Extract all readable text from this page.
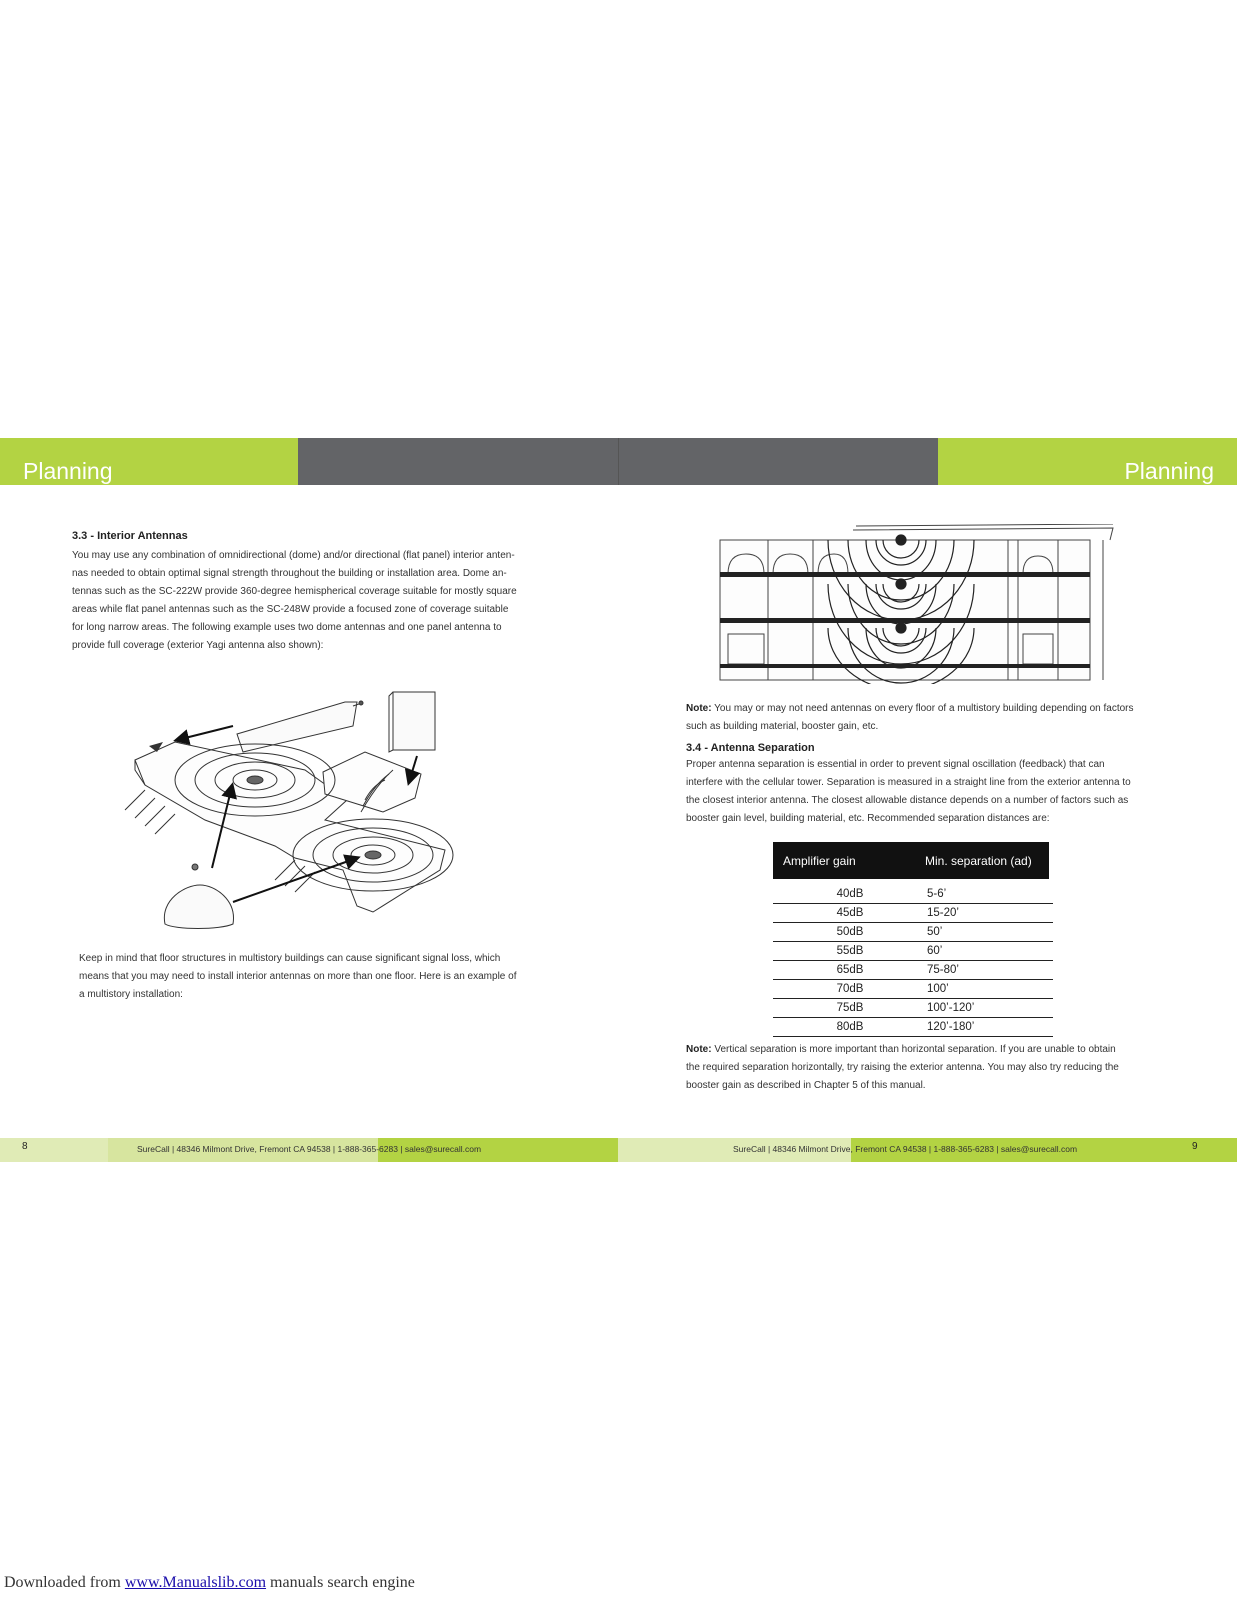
Planning	Planning
3.3 - Interior Antennas
You may use any combination of omnidirectional (dome) and/or directional (flat panel) interior anten-
nas needed to obtain optimal signal strength throughout the building or installation area. Dome an-
tennas such as the SC-222W provide 360-degree hemispherical coverage suitable for mostly square
areas while flat panel antennas such as the SC-248W provide a focused zone of coverage suitable
for long narrow areas. The following example uses two dome antennas and one panel antenna to
provide full coverage (exterior Yagi antenna also shown):
Keep in mind that floor structures in multistory buildings can cause significant signal loss, which
means that you may need to install interior antennas on more than one floor. Here is an example of
a multistory installation:
Note: You may or may not need antennas on every floor of a multistory building depending on factors
such as building material, booster gain, etc.
3.4 - Antenna Separation
Proper antenna separation is essential in order to prevent signal oscillation (feedback) that can
interfere with the cellular tower. Separation is measured in a straight line from the exterior antenna to
the closest interior antenna. The closest allowable distance depends on a number of factors such as
booster gain level, building material, etc. Recommended separation distances are:
Amplifier gain	Min. separation (ad)
40dB	5-6’
45dB	15-20’
50dB	50’
55dB	60’
65dB	75-80’
70dB	100’
75dB	100’-120’
80dB	120’-180’
Note: Vertical separation is more important than horizontal separation. If you are unable to obtain
the required separation horizontally, try raising the exterior antenna. You may also try reducing the
booster gain as described in Chapter 5 of this manual.
8	9
SureCall | 48346 Milmont Drive, Fremont CA 94538 | 1-888-365-6283 | sales@surecall.com	SureCall | 48346 Milmont Drive, Fremont CA 94538 | 1-888-365-6283 | sales@surecall.com
Downloaded from www.Manualslib.com manuals search engine
